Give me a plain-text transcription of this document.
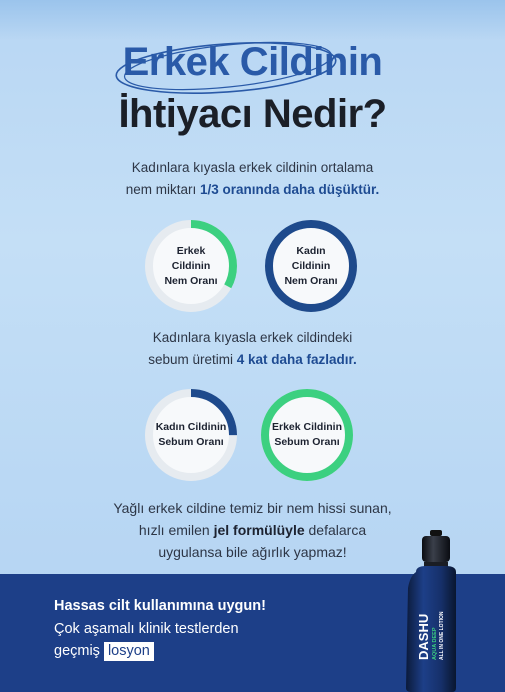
Erkek Cildinin
İhtiyacı Nedir?
Kadınlara kıyasla erkek cildinin ortalama
nem miktarı 1/3 oranında daha düşüktür.
Erkek
Cildinin
Nem Oranı
Kadın
Cildinin
Nem Oranı
Kadınlara kıyasla erkek cildindeki
sebum üretimi 4 kat daha fazladır.
Kadın Cildinin
Sebum Oranı
Erkek Cildinin
Sebum Oranı
Yağlı erkek cildine temiz bir nem hissi sunan,
hızlı emilen jel formülüyle defalarca
uygulansa bile ağırlık yapmaz!
Hassas cilt kullanımına uygun!
Çok aşamalı klinik testlerden
geçmiş losyon	DASHU AQUA DEEP ALL IN ONE LOTION
